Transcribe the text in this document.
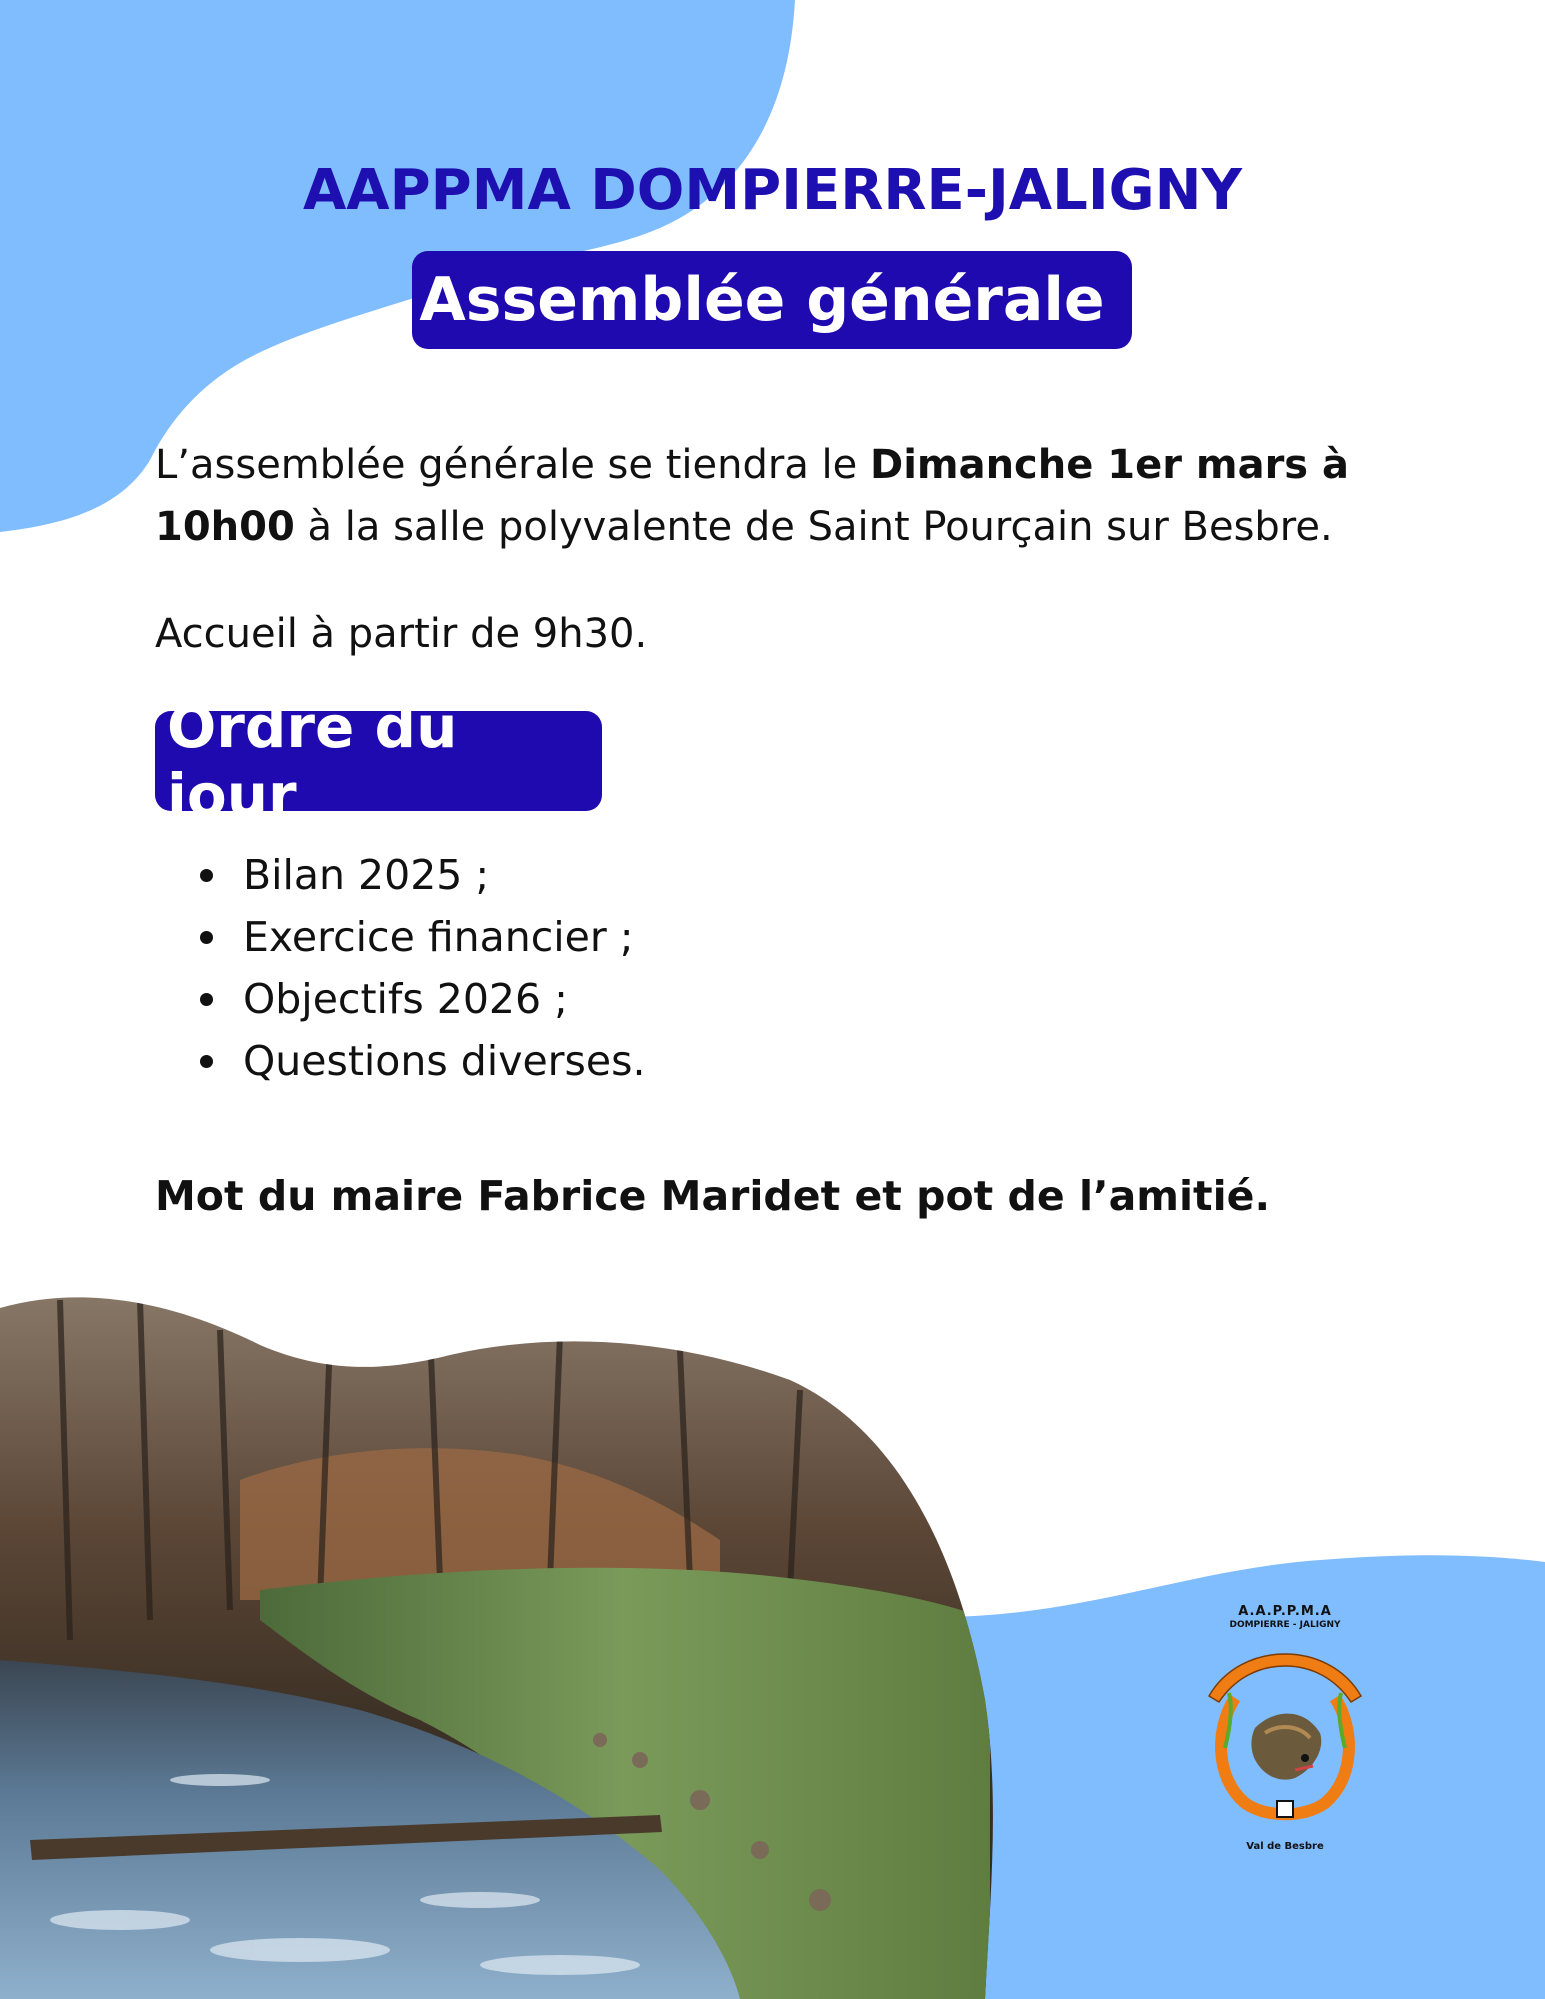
AAPPMA DOMPIERRE-JALIGNY
Assemblée générale

L’assemblée générale se tiendra le Dimanche 1er mars à 10h00 à la salle polyvalente de Saint Pourçain sur Besbre.

Accueil à partir de 9h30.

Ordre du jour
Bilan 2025 ;
Exercice financier ;
Objectifs 2026 ;
Questions diverses.

Mot du maire Fabrice Maridet et pot de l’amitié.

A.A.P.P.M.A
DOMPIERRE - JALIGNY
Val de Besbre
